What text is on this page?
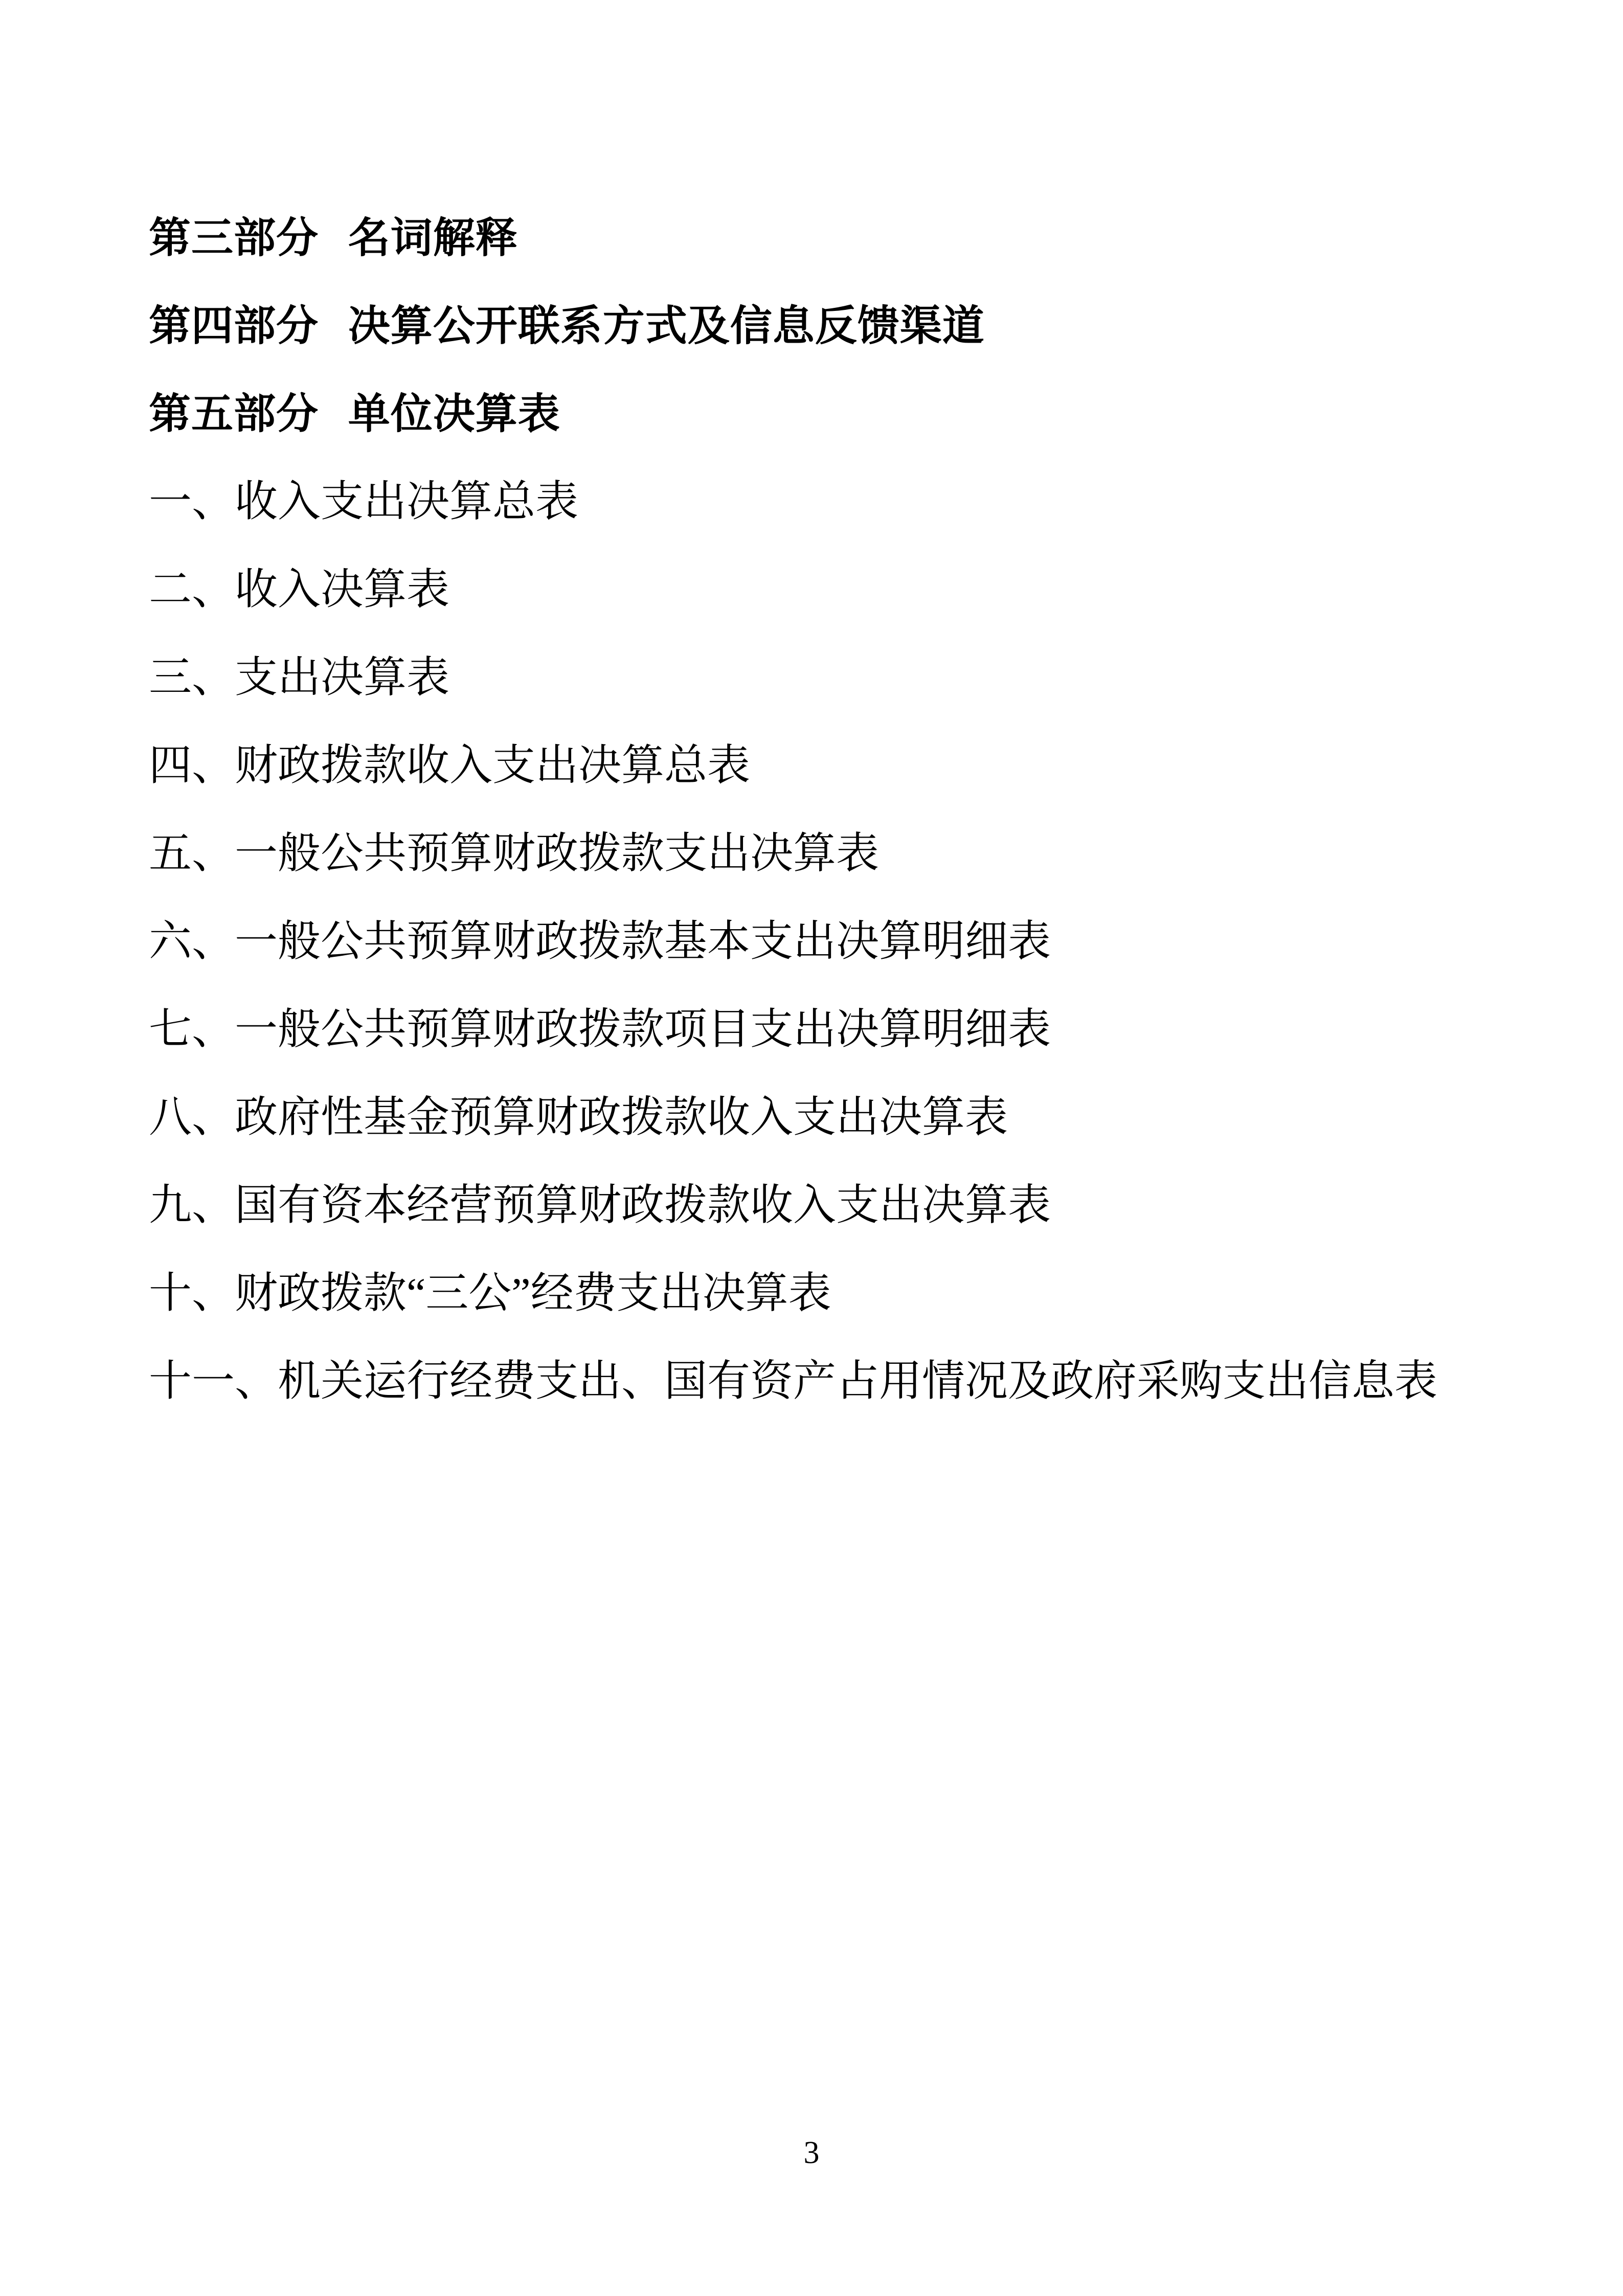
第三部分 名词解释
第四部分 决算公开联系方式及信息反馈渠道
第五部分 单位决算表
一、收入支出决算总表
二、收入决算表
三、支出决算表
四、财政拨款收入支出决算总表
五、一般公共预算财政拨款支出决算表
六、一般公共预算财政拨款基本支出决算明细表
七、一般公共预算财政拨款项目支出决算明细表
八、政府性基金预算财政拨款收入支出决算表
九、国有资本经营预算财政拨款收入支出决算表
十、财政拨款“三公”经费支出决算表
十一、机关运行经费支出、国有资产占用情况及政府采购支出信息表
3
